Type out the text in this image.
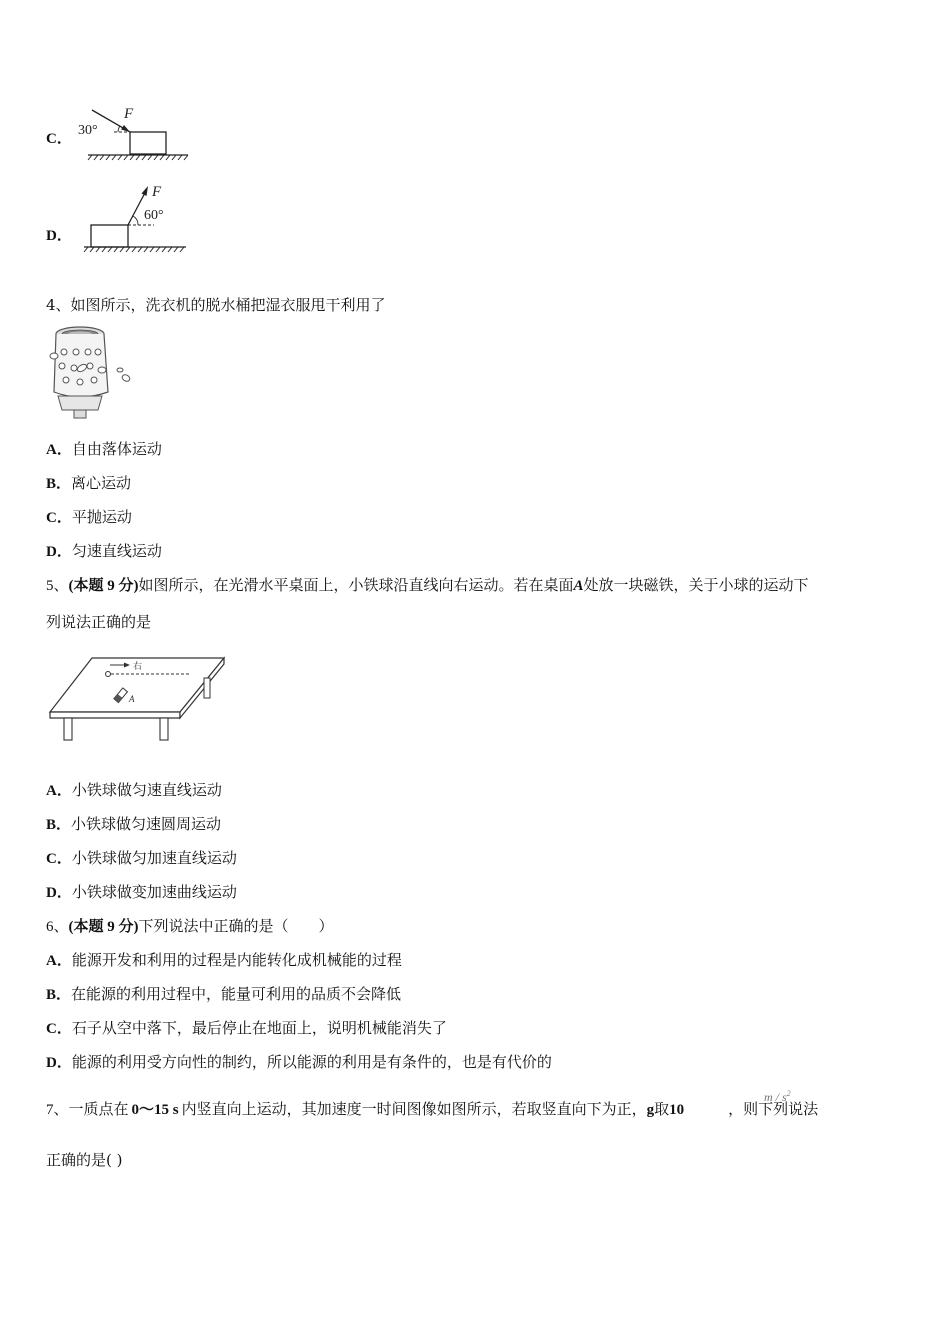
C．
30°
F
D．
60°
F
4、如图所示，洗衣机的脱水桶把湿衣服甩干利用了
A．自由落体运动
B．离心运动
C．平抛运动
D．匀速直线运动
5、(本题 9 分)如图所示，在光滑水平桌面上，小铁球沿直线向右运动。若在桌面A处放一块磁铁，关于小球的运动下
列说法正确的是
右
A
A．小铁球做匀速直线运动
B．小铁球做匀速圆周运动
C．小铁球做匀加速直线运动
D．小铁球做变加速曲线运动
6、(本题 9 分)下列说法中正确的是（　　）
A．能源开发和利用的过程是内能转化成机械能的过程
B．在能源的利用过程中，能量可利用的品质不会降低
C．石子从空中落下，最后停止在地面上，说明机械能消失了
D．能源的利用受方向性的制约，所以能源的利用是有条件的，也是有代价的
7、一质点在 0～15 s 内竖直向上运动，其加速度一时间图像如图所示，若取竖直向下为正，g取10	，则下列说法
m / $s^2$
正确的是( )
